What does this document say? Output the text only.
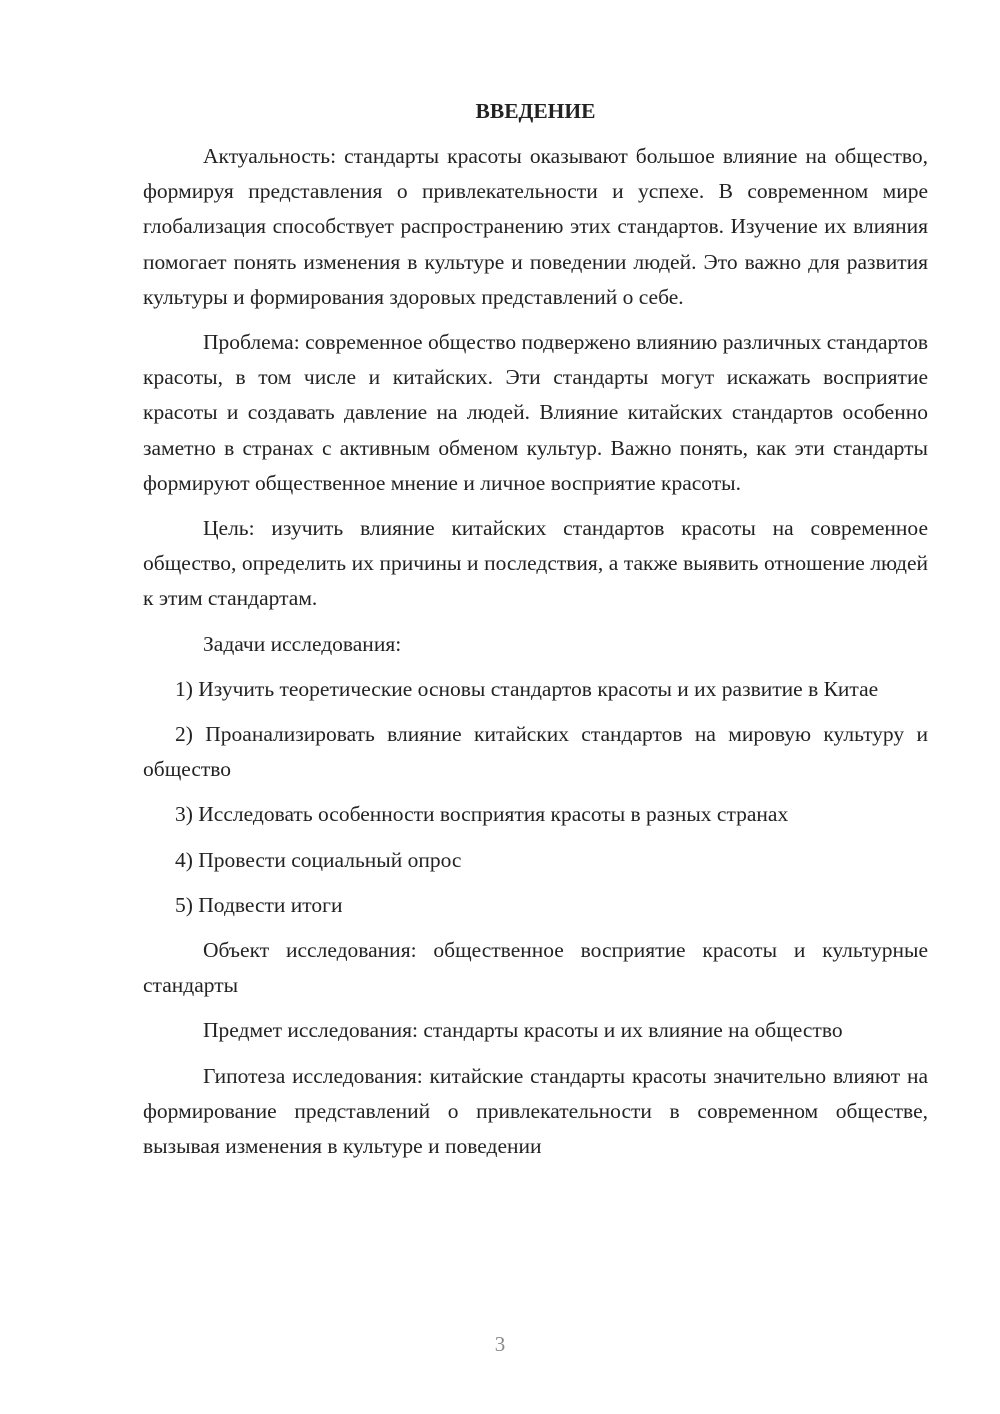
ВВЕДЕНИЕ

Актуальность: стандарты красоты оказывают большое влияние на общество, формируя представления о привлекательности и успехе. В современном мире глобализация способствует распространению этих стандартов. Изучение их влияния помогает понять изменения в культуре и поведении людей. Это важно для развития культуры и формирования здоровых представлений о себе.

Проблема: современное общество подвержено влиянию различных стандартов красоты, в том числе и китайских. Эти стандарты могут искажать восприятие красоты и создавать давление на людей. Влияние китайских стандартов особенно заметно в странах с активным обменом культур. Важно понять, как эти стандарты формируют общественное мнение и личное восприятие красоты.

Цель: изучить влияние китайских стандартов красоты на современное общество, определить их причины и последствия, а также выявить отношение людей к этим стандартам.

Задачи исследования:

1) Изучить теоретические основы стандартов красоты и их развитие в Китае

2) Проанализировать влияние китайских стандартов на мировую культуру и общество

3) Исследовать особенности восприятия красоты в разных странах

4) Провести социальный опрос

5) Подвести итоги

Объект исследования: общественное восприятие красоты и культурные стандарты

Предмет исследования: стандарты красоты и их влияние на общество

Гипотеза исследования: китайские стандарты красоты значительно влияют на формирование представлений о привлекательности в современном обществе, вызывая изменения в культуре и поведении

3
